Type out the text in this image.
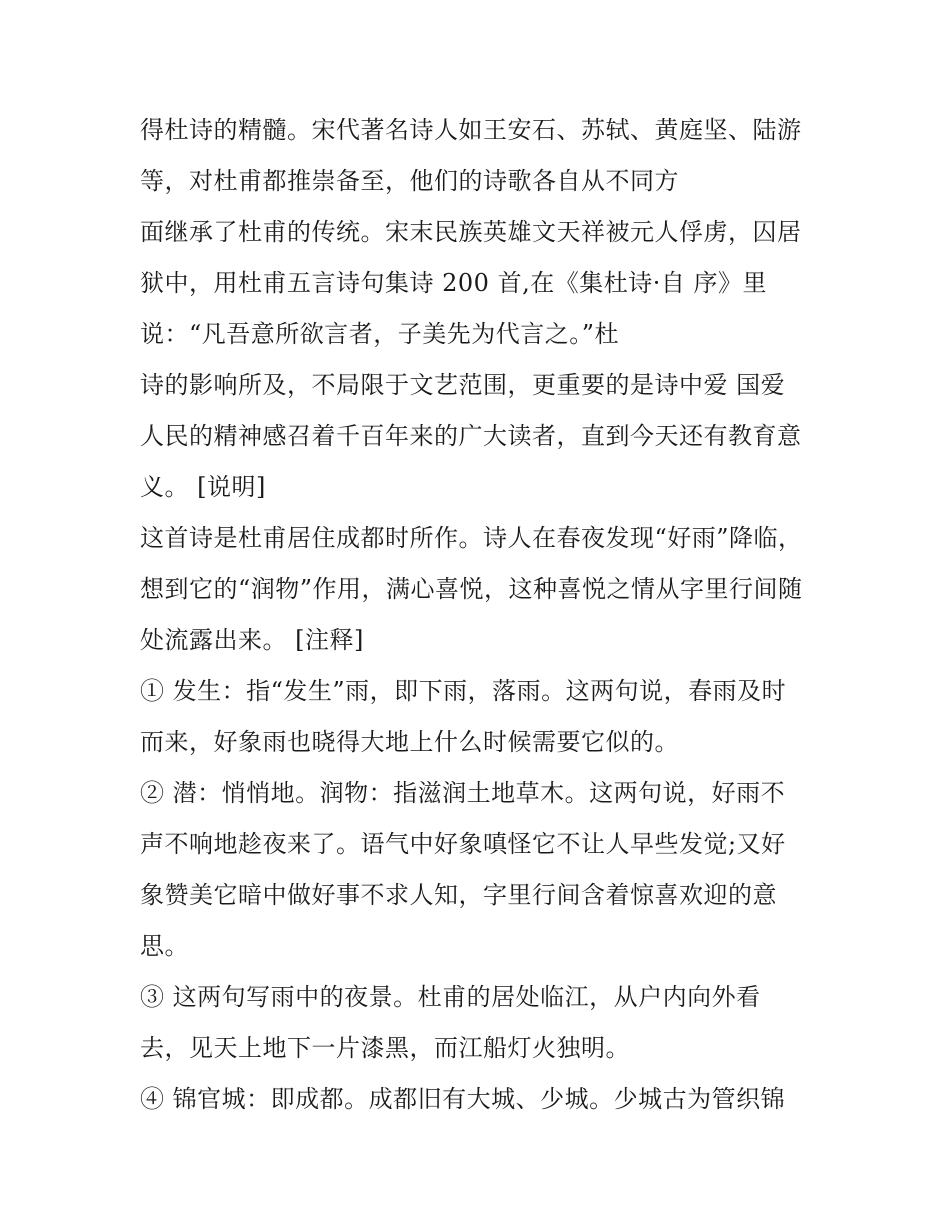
得杜诗的精髓。宋代著名诗人如王安石、苏轼、黄庭坚、陆游
等，对杜甫都推崇备至，他们的诗歌各自从不同方
面继承了杜甫的传统。宋末民族英雄文天祥被元人俘虏，囚居
狱中，用杜甫五言诗句集诗 200 首,在《集杜诗·自 序》里
说：“凡吾意所欲言者，子美先为代言之。”杜
诗的影响所及，不局限于文艺范围，更重要的是诗中爱 国爱
人民的精神感召着千百年来的广大读者，直到今天还有教育意
义。 [说明]
这首诗是杜甫居住成都时所作。诗人在春夜发现“好雨”降临，
想到它的“润物”作用，满心喜悦，这种喜悦之情从字里行间随
处流露出来。 [注释]
① 发生：指“发生”雨，即下雨，落雨。这两句说，春雨及时
而来，好象雨也晓得大地上什么时候需要它似的。
② 潜：悄悄地。润物：指滋润土地草木。这两句说，好雨不
声不响地趁夜来了。语气中好象嗔怪它不让人早些发觉;又好
象赞美它暗中做好事不求人知，字里行间含着惊喜欢迎的意
思。
③ 这两句写雨中的夜景。杜甫的居处临江，从户内向外看
去，见天上地下一片漆黑，而江船灯火独明。
④ 锦官城：即成都。成都旧有大城、少城。少城古为管织锦
